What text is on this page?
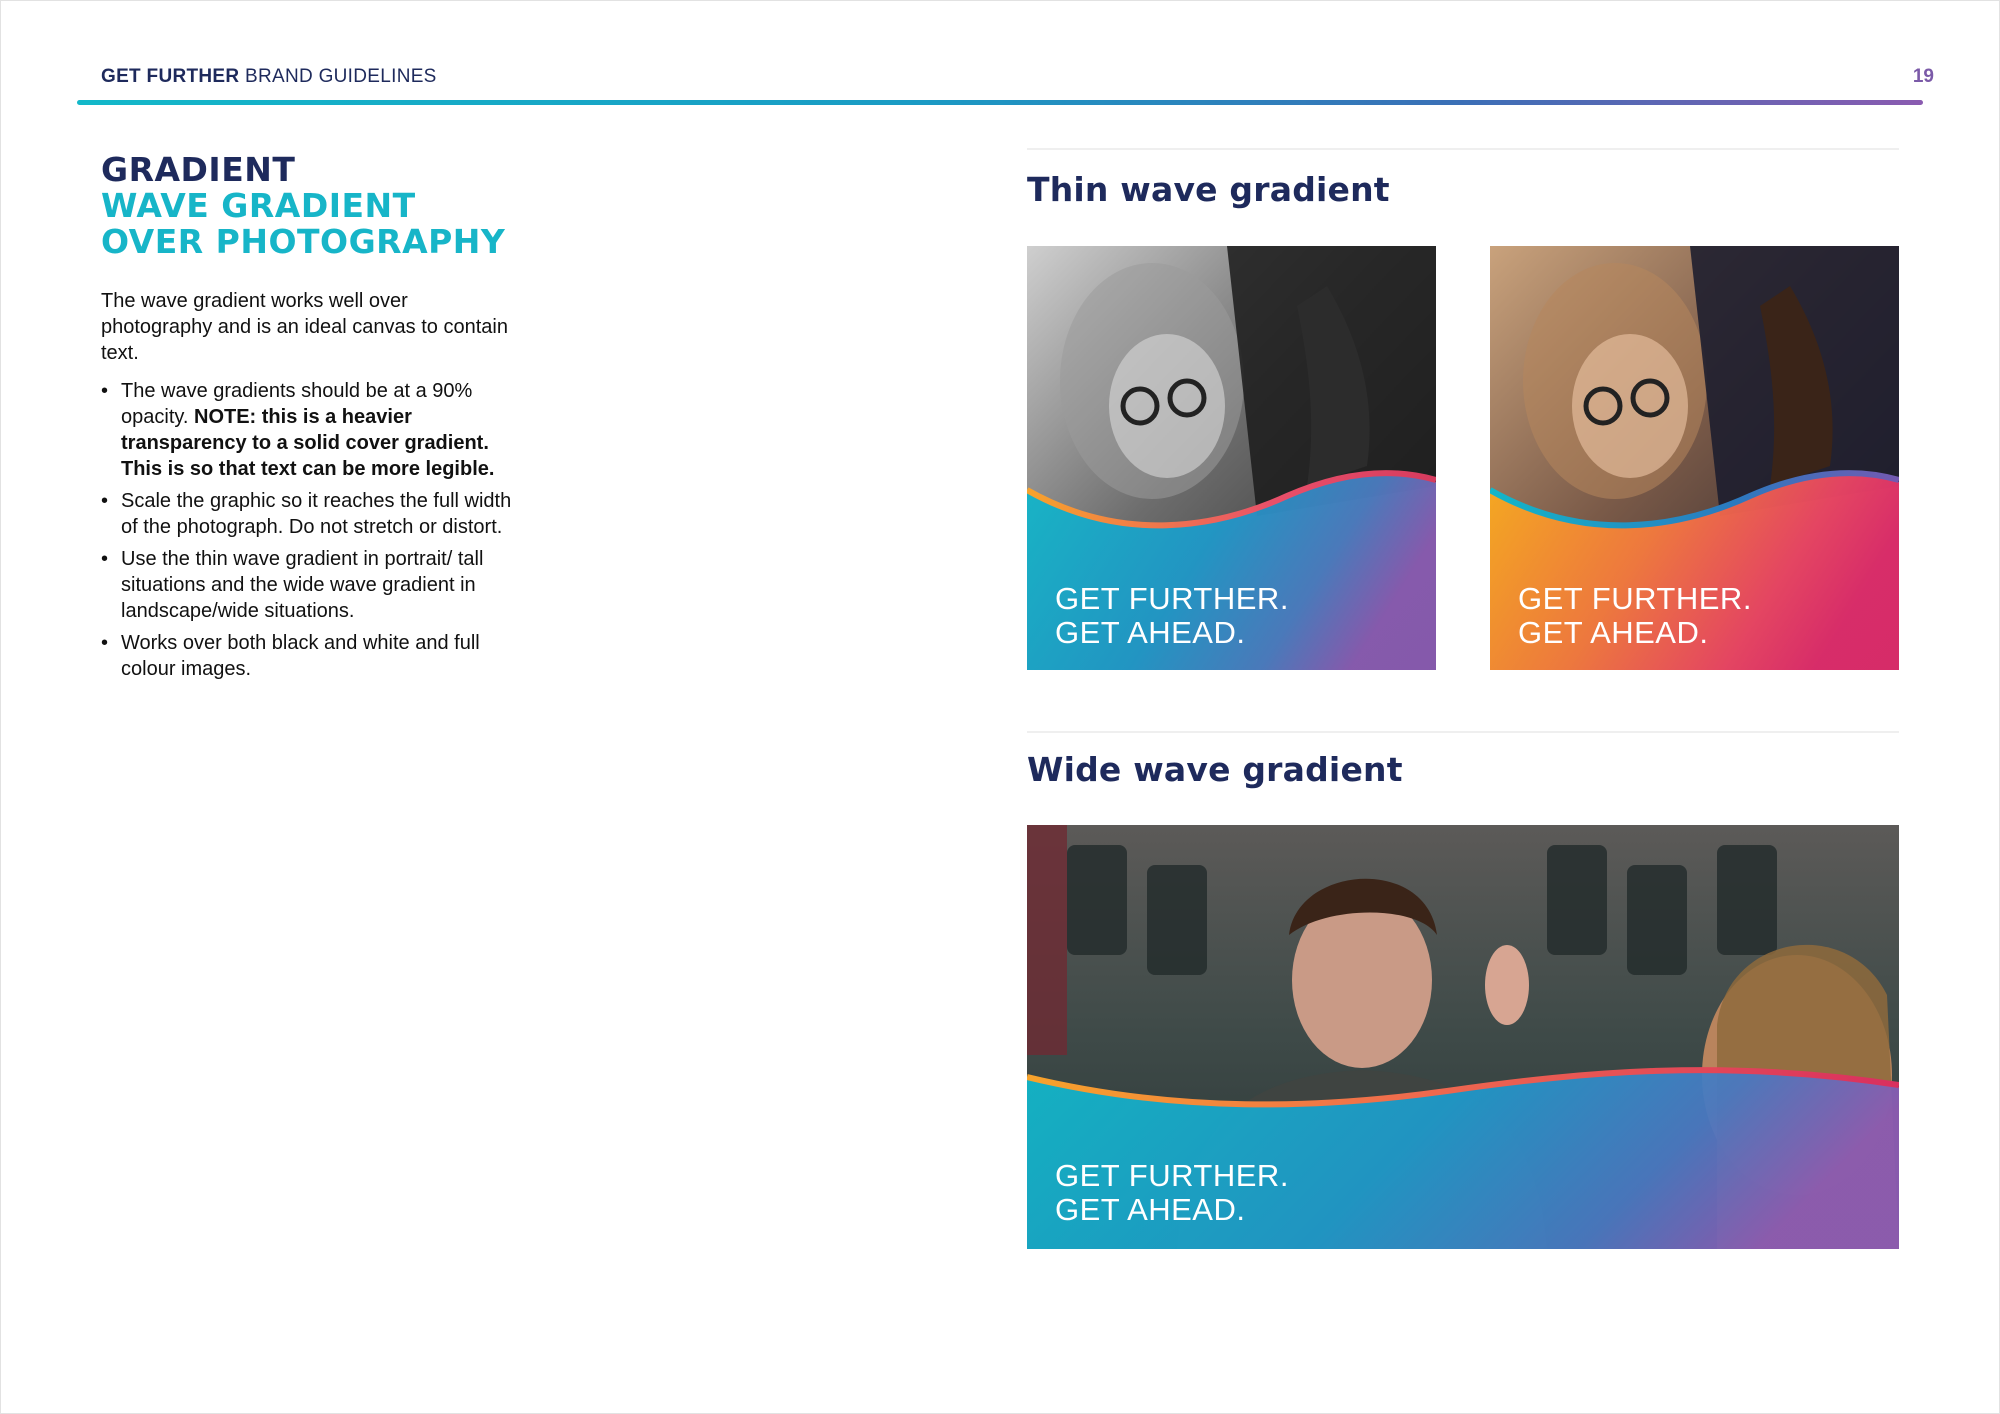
GET FURTHER BRAND GUIDELINES	19
GRADIENT
WAVE GRADIENT
OVER PHOTOGRAPHY
The wave gradient works well over photography and is an ideal canvas to contain text.
• The wave gradients should be at a 90% opacity. NOTE: this is a heavier transparency to a solid cover gradient. This is so that text can be more legible.
• Scale the graphic so it reaches the full width of the photograph. Do not stretch or distort.
• Use the thin wave gradient in portrait/ tall situations and the wide wave gradient in landscape/wide situations.
• Works over both black and white and full colour images.
Thin wave gradient
GET FURTHER.
GET AHEAD.
GET FURTHER.
GET AHEAD.
Wide wave gradient
GET FURTHER.
GET AHEAD.
